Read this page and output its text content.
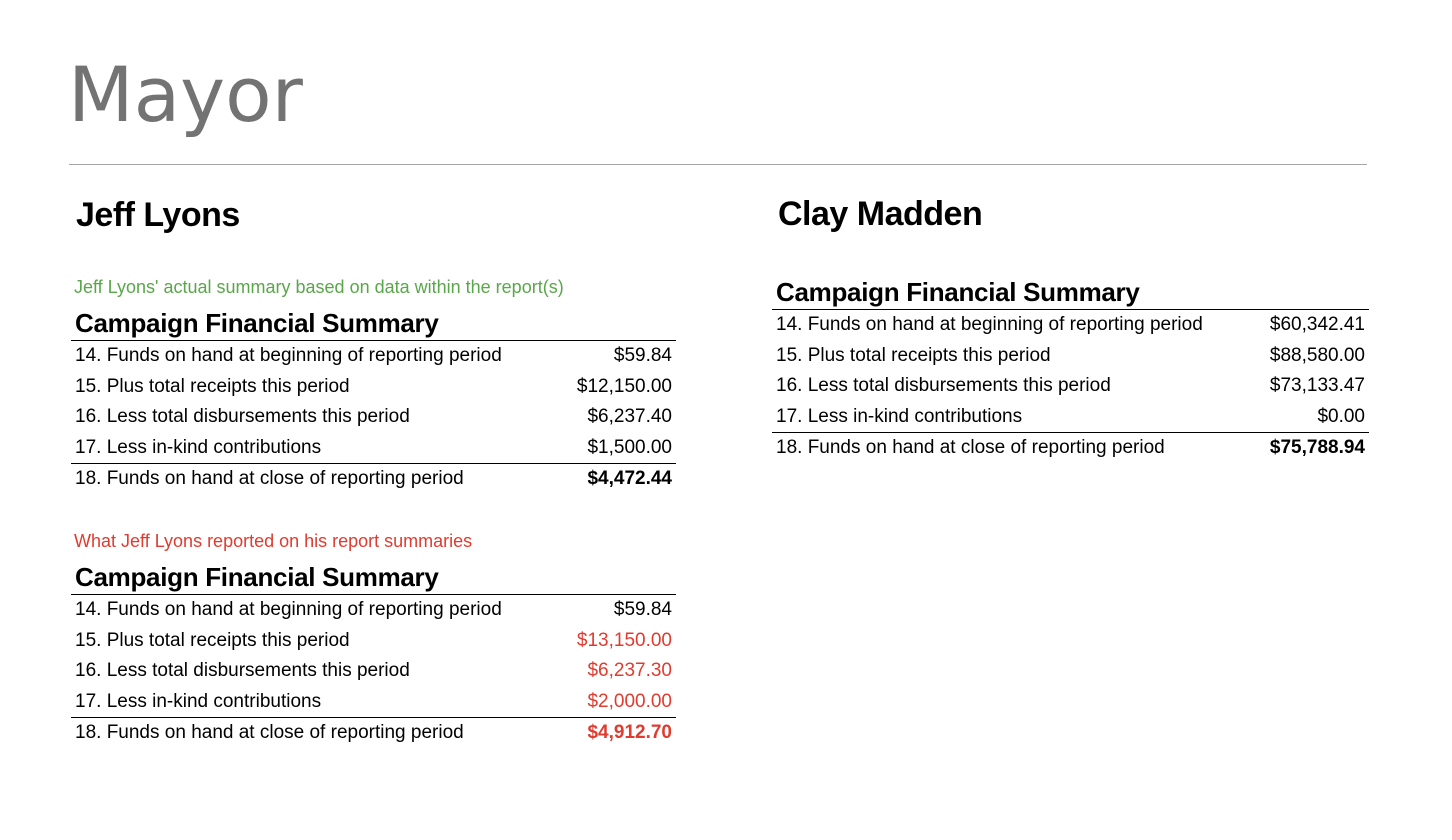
Mayor
Jeff Lyons
Jeff Lyons' actual summary based on data within the report(s)
Campaign Financial Summary
14. Funds on hand at beginning of reporting period	$59.84
15. Plus total receipts this period	$12,150.00
16. Less total disbursements this period	$6,237.40
17. Less in-kind contributions	$1,500.00
18. Funds on hand at close of reporting period	$4,472.44
What Jeff Lyons reported on his report summaries
Campaign Financial Summary
14. Funds on hand at beginning of reporting period	$59.84
15. Plus total receipts this period	$13,150.00
16. Less total disbursements this period	$6,237.30
17. Less in-kind contributions	$2,000.00
18. Funds on hand at close of reporting period	$4,912.70
Clay Madden
Campaign Financial Summary
14. Funds on hand at beginning of reporting period	$60,342.41
15. Plus total receipts this period	$88,580.00
16. Less total disbursements this period	$73,133.47
17. Less in-kind contributions	$0.00
18. Funds on hand at close of reporting period	$75,788.94
